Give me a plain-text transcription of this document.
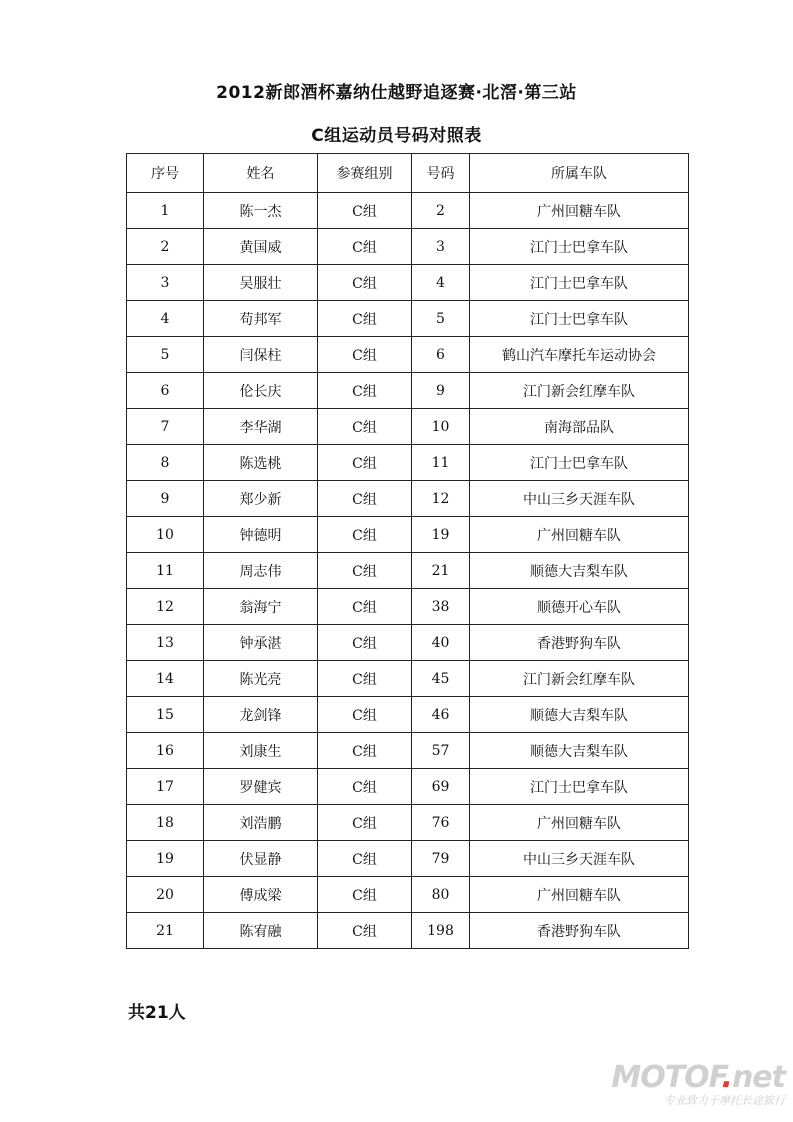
2012新郎酒杯嘉纳仕越野追逐赛·北滘·第三站
C组运动员号码对照表
序号	姓名	参赛组别	号码	所属车队
1	陈一杰	C组	2	广州回糖车队
2	黄国威	C组	3	江门士巴拿车队
3	吴服壮	C组	4	江门士巴拿车队
4	苟邦军	C组	5	江门士巴拿车队
5	闫保柱	C组	6	鹤山汽车摩托车运动协会
6	伦长庆	C组	9	江门新会红摩车队
7	李华湖	C组	10	南海部品队
8	陈选桃	C组	11	江门士巴拿车队
9	郑少新	C组	12	中山三乡天涯车队
10	钟德明	C组	19	广州回糖车队
11	周志伟	C组	21	顺德大吉梨车队
12	翁海宁	C组	38	顺德开心车队
13	钟承湛	C组	40	香港野狗车队
14	陈光亮	C组	45	江门新会红摩车队
15	龙剑锋	C组	46	顺德大吉梨车队
16	刘康生	C组	57	顺德大吉梨车队
17	罗健宾	C组	69	江门士巴拿车队
18	刘浩鹏	C组	76	广州回糖车队
19	伏显静	C组	79	中山三乡天涯车队
20	傅成梁	C组	80	广州回糖车队
21	陈宥融	C组	198	香港野狗车队
共21人
MOTOF.net
专业致力于摩托长途旅行
